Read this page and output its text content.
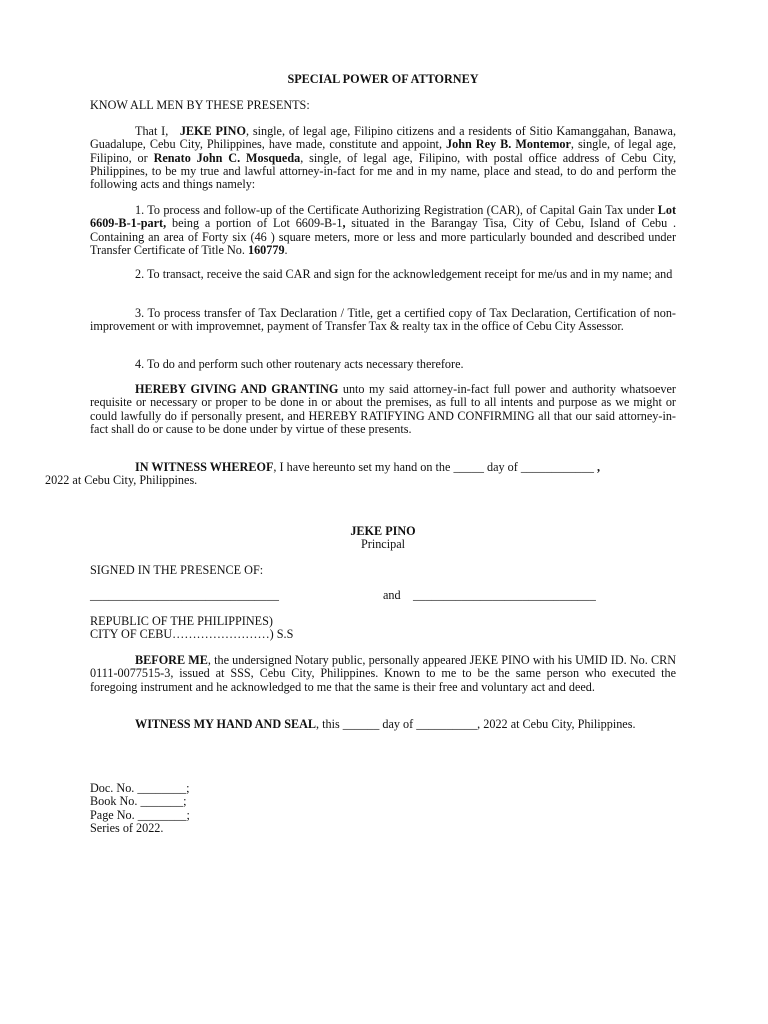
SPECIAL POWER OF ATTORNEY

KNOW ALL MEN BY THESE PRESENTS:

That I, JEKE PINO, single, of legal age, Filipino citizens and a residents of Sitio Kamanggahan, Banawa, Guadalupe, Cebu City, Philippines, have made, constitute and appoint, John Rey B. Montemor, single, of legal age, Filipino, or Renato John C. Mosqueda, single, of legal age, Filipino, with postal office address of Cebu City, Philippines, to be my true and lawful attorney-in-fact for me and in my name, place and stead, to do and perform the following acts and things namely:

1. To process and follow-up of the Certificate Authorizing Registration (CAR), of Capital Gain Tax under Lot 6609-B-1-part, being a portion of Lot 6609-B-1, situated in the Barangay Tisa, City of Cebu, Island of Cebu . Containing an area of Forty six (46 ) square meters, more or less and more particularly bounded and described under Transfer Certificate of Title No. 160779.

2. To transact, receive the said CAR and sign for the acknowledgement receipt for me/us and in my name; and

3. To process transfer of Tax Declaration / Title, get a certified copy of Tax Declaration, Certification of non-improvement or with improvemnet, payment of Transfer Tax & realty tax in the office of Cebu City Assessor.

4. To do and perform such other routenary acts necessary therefore.

HEREBY GIVING AND GRANTING unto my said attorney-in-fact full power and authority whatsoever requisite or necessary or proper to be done in or about the premises, as full to all intents and purpose as we might or could lawfully do if personally present, and HEREBY RATIFYING AND CONFIRMING all that our said attorney-in-fact shall do or cause to be done under by virtue of these presents.

IN WITNESS WHEREOF, I have hereunto set my hand on the _____ day of ____________ ,
2022 at Cebu City, Philippines.

JEKE PINO
Principal

SIGNED IN THE PRESENCE OF:

_______________________________	and ______________________________
REPUBLIC OF THE PHILIPPINES)
CITY OF CEBU……………………) S.S

BEFORE ME, the undersigned Notary public, personally appeared JEKE PINO with his UMID ID. No. CRN 0111-0077515-3, issued at SSS, Cebu City, Philippines. Known to me to be the same person who executed the foregoing instrument and he acknowledged to me that the same is their free and voluntary act and deed.

WITNESS MY HAND AND SEAL, this ______ day of __________, 2022 at Cebu City, Philippines.

Doc. No. ________;
Book No. _______;
Page No. ________;
Series of 2022.
